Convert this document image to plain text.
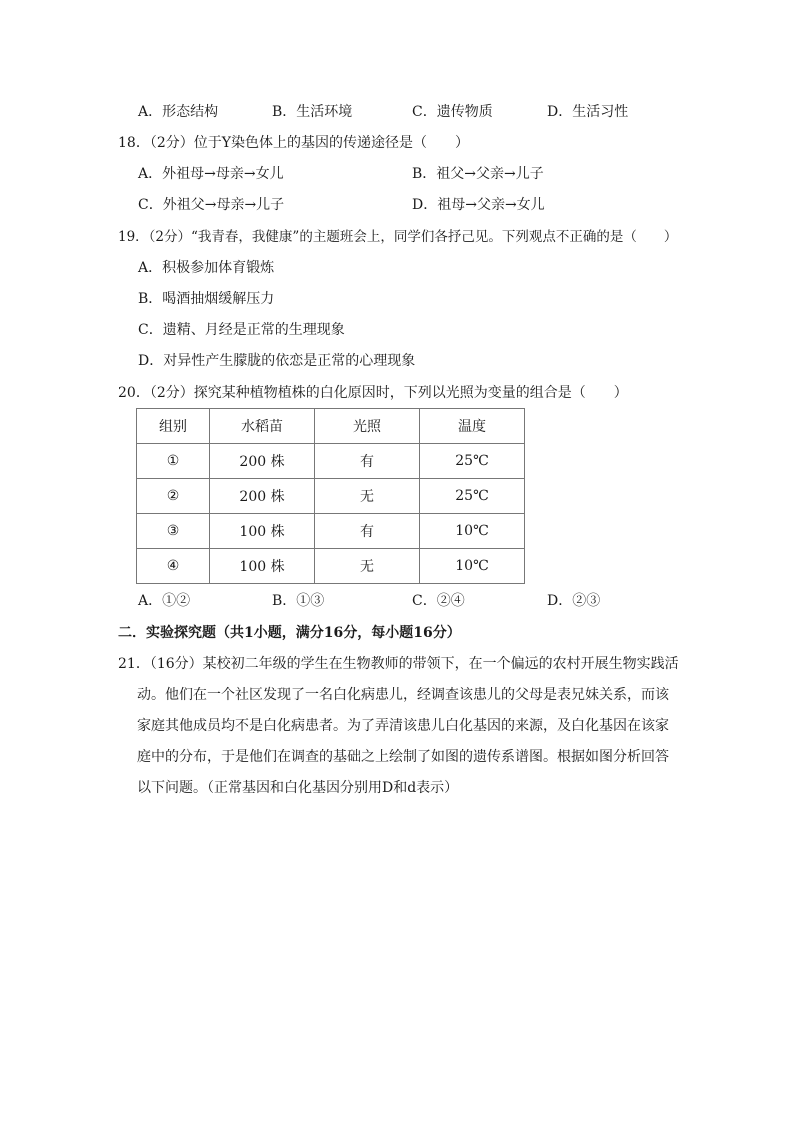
A．形态结构	B．生活环境	C．遗传物质	D．生活习性
18．（2分）位于Y染色体上的基因的传递途径是（　　）
A．外祖母→母亲→女儿	B．祖父→父亲→儿子
C．外祖父→母亲→儿子	D．祖母→父亲→女儿
19．（2分）“我青春，我健康”的主题班会上，同学们各抒己见。下列观点不正确的是（　　）
A．积极参加体育锻炼
B．喝酒抽烟缓解压力
C．遗精、月经是正常的生理现象
D．对异性产生朦胧的依恋是正常的心理现象
20．（2分）探究某种植物植株的白化原因时，下列以光照为变量的组合是（　　）
组别	水稻苗	光照	温度
①	200 株	有	25℃
②	200 株	无	25℃
③	100 株	有	10℃
④	100 株	无	10℃
A．①②	B．①③	C．②④	D．②③
二．实验探究题（共1小题，满分16分，每小题16分）
21．（16分）某校初二年级的学生在生物教师的带领下，在一个偏远的农村开展生物实践活
动。他们在一个社区发现了一名白化病患儿，经调查该患儿的父母是表兄妹关系，而该
家庭其他成员均不是白化病患者。为了弄清该患儿白化基因的来源，及白化基因在该家
庭中的分布，于是他们在调查的基础之上绘制了如图的遗传系谱图。根据如图分析回答
以下问题。（正常基因和白化基因分别用D和d表示）
